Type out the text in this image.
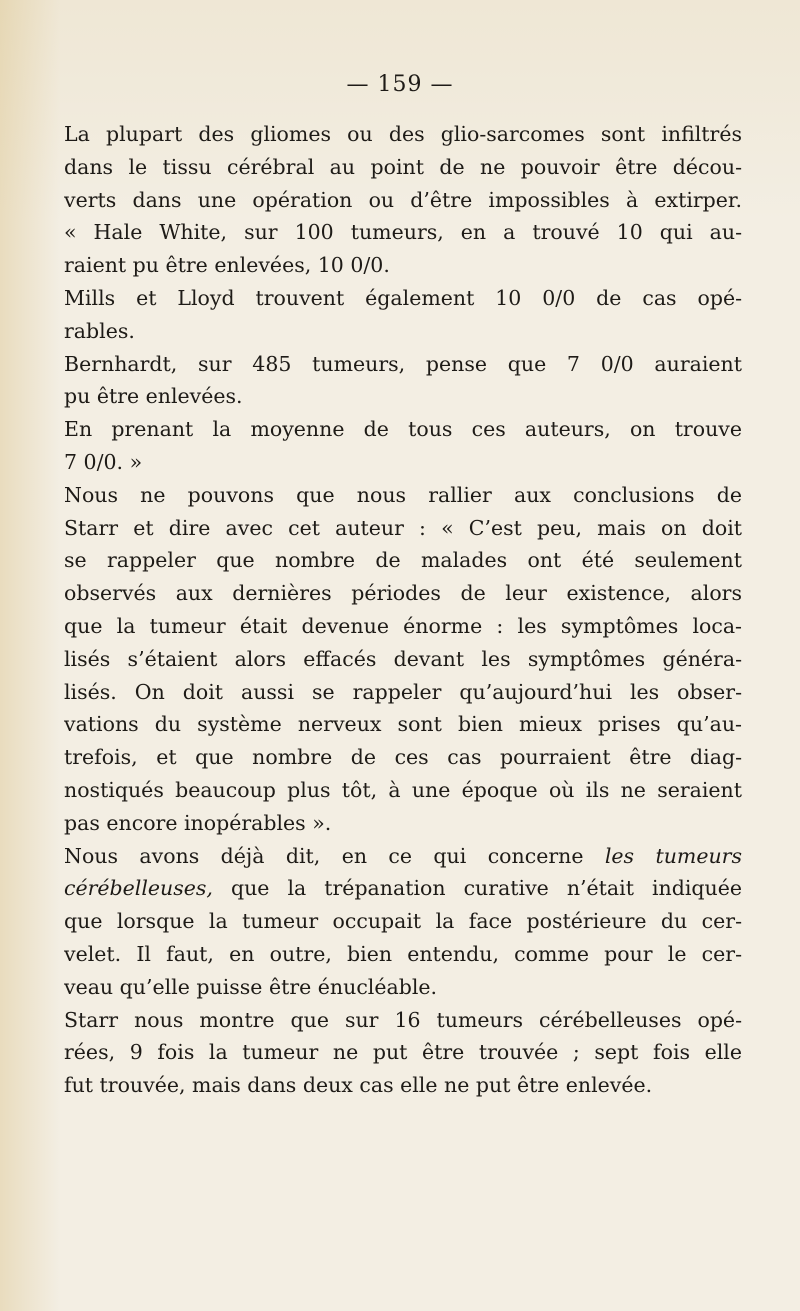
— 159 —
La plupart des gliomes ou des glio-sarcomes sont infiltrés
dans le tissu cérébral au point de ne pouvoir être décou-
verts dans une opération ou d’être impossibles à extirper.
« Hale White, sur 100 tumeurs, en a trouvé 10 qui au-
raient pu être enlevées, 10 0/0.
Mills et Lloyd trouvent également 10 0/0 de cas opé-
rables.
Bernhardt, sur 485 tumeurs, pense que 7 0/0 auraient
pu être enlevées.
En prenant la moyenne de tous ces auteurs, on trouve
7 0/0. »
Nous ne pouvons que nous rallier aux conclusions de
Starr et dire avec cet auteur : « C’est peu, mais on doit
se rappeler que nombre de malades ont été seulement
observés aux dernières périodes de leur existence, alors
que la tumeur était devenue énorme : les symptômes loca-
lisés s’étaient alors effacés devant les symptômes généra-
lisés. On doit aussi se rappeler qu’aujourd’hui les obser-
vations du système nerveux sont bien mieux prises qu’au-
trefois, et que nombre de ces cas pourraient être diag-
nostiqués beaucoup plus tôt, à une époque où ils ne seraient
pas encore inopérables ».
Nous avons déjà dit, en ce qui concerne les tumeurs
cérébelleuses, que la trépanation curative n’était indiquée
que lorsque la tumeur occupait la face postérieure du cer-
velet. Il faut, en outre, bien entendu, comme pour le cer-
veau qu’elle puisse être énucléable.
Starr nous montre que sur 16 tumeurs cérébelleuses opé-
rées, 9 fois la tumeur ne put être trouvée ; sept fois elle
fut trouvée, mais dans deux cas elle ne put être enlevée.
